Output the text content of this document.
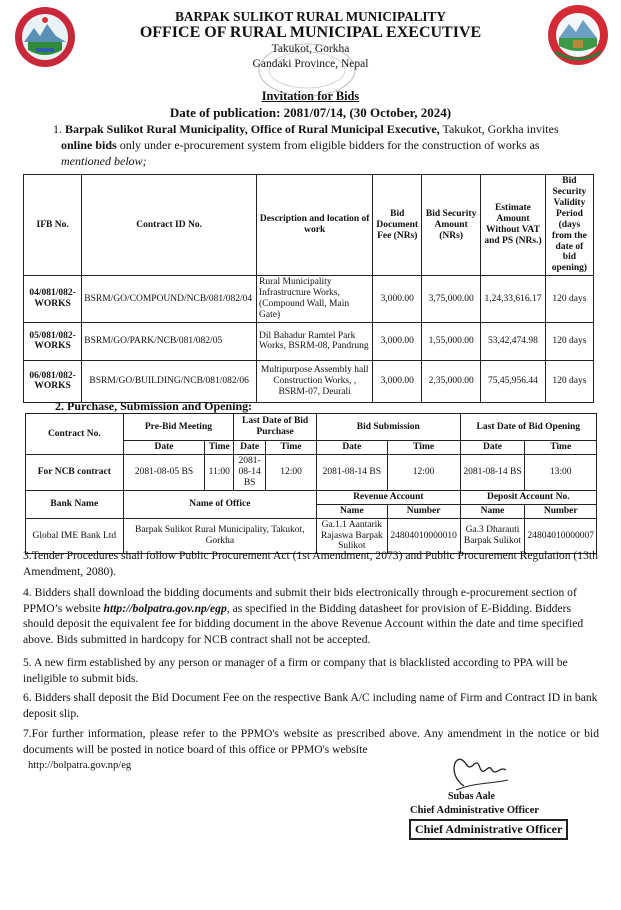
BARPAK SULIKOT RURAL MUNICIPALITY
OFFICE OF RURAL MUNICIPAL EXECUTIVE
Takukot, Gorkha
Gandaki Province, Nepal
Invitation for Bids
Date of publication: 2081/07/14, (30 October, 2024)
1. Barpak Sulikot Rural Municipality, Office of Rural Municipal Executive, Takukot, Gorkha invites
online bids only under e-procurement system from eligible bidders for the construction of works as
mentioned below;
IFB No.	Contract ID No.	Description and location of work	Bid Document Fee (NRs)	Bid Security Amount (NRs)	Estimate Amount Without VAT and PS (NRs.)	Bid Security Validity Period (days from the date of bid opening)
04/081/082-WORKS	BSRM/GO/COMPOUND/NCB/081/082/04	Rural Municipality Infrastructure Works, (Compound Wall, Main Gate)	3,000.00	3,75,000.00	1,24,33,616.17	120 days
05/081/082-WORKS	BSRM/GO/PARK/NCB/081/082/05	Dil Bahadur Ramtel Park Works, BSRM-08, Pandrung	3,000.00	1,55,000.00	53,42,474.98	120 days
06/081/082-WORKS	BSRM/GO/BUILDING/NCB/081/082/06	Multipurpose Assembly hall Construction Works, , BSRM-07, Deurali	3,000.00	2,35,000.00	75,45,956.44	120 days
2. Purchase, Submission and Opening:
Contract No.	Pre-Bid Meeting		Last Date of Bid Purchase		Bid Submission		Last Date of Bid Opening	
	Date	Time	Date	Time	Date	Time	Date	Time
For NCB contract	2081-08-05 BS	11:00	2081-08-14 BS	12:00	2081-08-14 BS	12:00	2081-08-14 BS	13:00
Bank Name	Name of Office				Revenue Account		Deposit Account No.	
					Name	Number	Name	Number
Global IME Bank Ltd	Barpak Sulikot Rural Municipality, Takukot, Gorkha				Ga.1.1 Aantarik Rajaswa Barpak Sulikot	24804010000010	Ga.3 Dharauti Barpak Sulikot	24804010000007
3.Tender Procedures shall follow Public Procurement Act (1st Amendment, 2073) and Public Procurement Regulation (13th Amendment, 2080).
4. Bidders shall download the bidding documents and submit their bids electronically through e-procurement section of PPMO’s website http://bolpatra.gov.np/egp, as specified in the Bidding datasheet for provision of E-Bidding. Bidders should deposit the equivalent fee for bidding document in the above Revenue Account within the date and time specified above. Bids submitted in hardcopy for NCB contract shall not be accepted.
5. A new firm established by any person or manager of a firm or company that is blacklisted according to PPA will be ineligible to submit bids.
6. Bidders shall deposit the Bid Document Fee on the respective Bank A/C including name of Firm and Contract ID in bank deposit slip.
7.For further information, please refer to the PPMO's website as prescribed above. Any amendment in the notice or bid documents will be posted in notice board of this office or PPMO's website
http://bolpatra.gov.np/eg
Subas Aale
Chief Administrative Officer
Chief Administrative Officer
